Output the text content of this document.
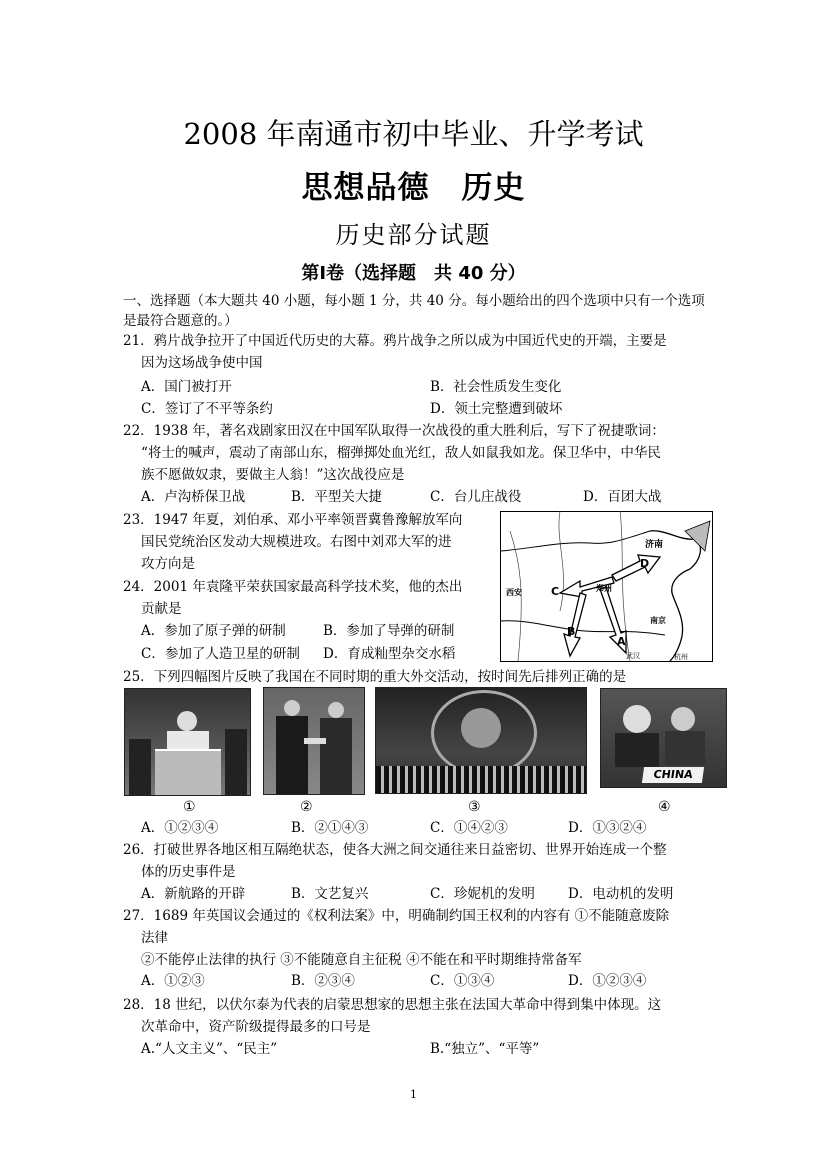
2008 年南通市初中毕业、升学考试
思想品德　历史
历史部分试题
第Ⅰ卷（选择题　共 40 分）
一、选择题（本大题共 40 小题，每小题 1 分，共 40 分。每小题给出的四个选项中只有一个选项
是最符合题意的。）
21．鸦片战争拉开了中国近代历史的大幕。鸦片战争之所以成为中国近代史的开端，主要是
因为这场战争使中国
A．国门被打开	B．社会性质发生变化
C．签订了不平等条约	D．领土完整遭到破坏
22．1938 年，著名戏剧家田汉在中国军队取得一次战役的重大胜利后，写下了祝捷歌词：
“将士的喊声，震动了南部山东，榴弹掷处血光红，敌人如鼠我如龙。保卫华中，中华民
族不愿做奴隶，要做主人翁！”这次战役应是
A．卢沟桥保卫战	B．平型关大捷	C．台儿庄战役	D．百团大战
23．1947 年夏，刘伯承、邓小平率领晋冀鲁豫解放军向
国民党统治区发动大规模进攻。右图中刘邓大军的进
攻方向是
24．2001 年袁隆平荣获国家最高科学技术奖，他的杰出
贡献是
A．参加了原子弹的研制	B．参加了导弹的研制
C．参加了人造卫星的研制 D．育成籼型杂交水稻
C
B
A
D
济南
郑州
西安
南京
杭州
武汉
25．下列四幅图片反映了我国在不同时期的重大外交活动，按时间先后排列正确的是
CHINA
①	②	③	④
A．①②③④	B．②①④③	C．①④②③	D．①③②④
26．打破世界各地区相互隔绝状态，使各大洲之间交通往来日益密切、世界开始连成一个整
体的历史事件是
A．新航路的开辟	B．文艺复兴	C．珍妮机的发明 D．电动机的发明
27．1689 年英国议会通过的《权利法案》中，明确制约国王权利的内容有 ①不能随意废除
法律
②不能停止法律的执行 ③不能随意自主征税 ④不能在和平时期维持常备军
A．①②③	B．②③④	C．①③④	D．①②③④
28．18 世纪，以伏尔泰为代表的启蒙思想家的思想主张在法国大革命中得到集中体现。这
次革命中，资产阶级提得最多的口号是
A.“人文主义”、“民主”	B.“独立”、“平等”
1
